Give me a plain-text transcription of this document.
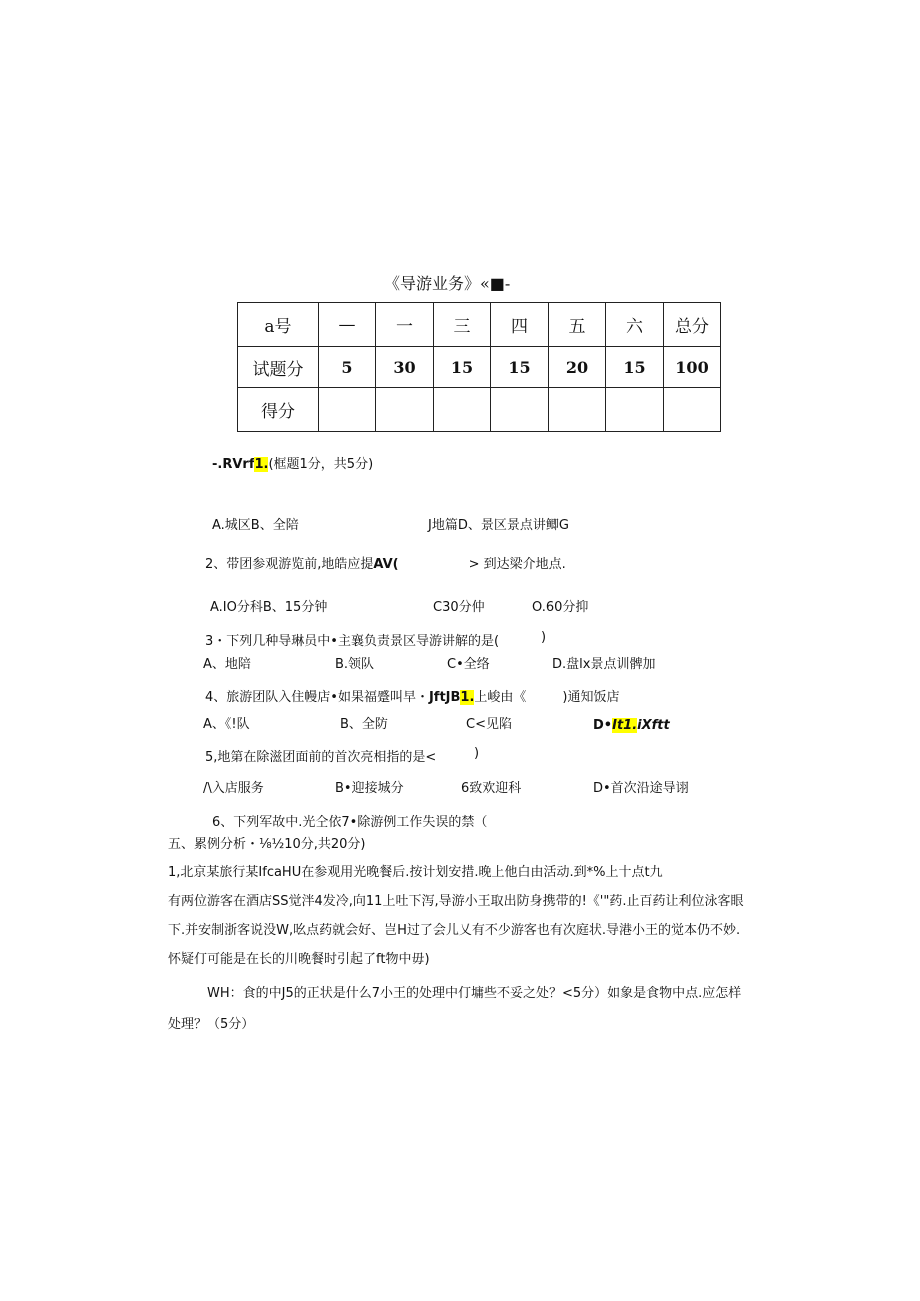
《导游业务》«■-
a号	—	一	三	四	五	六	总分
试题分	5	30	15	15	20	15	100
得分							
-.RVrf1.(框题1分，共5分)
A.城区B、全陪	J地篇D、景区景点讲鲫G
2、带团参观游览前,地皓应提AV(	> 到达梁介地点.
A.IO分科B、15分钟	C30分仲	O.60分抑
3・下列几种导琳员中•主襄负责景区导游讲解的是(	)
A、地陪	B.领队	C•全络	D.盘lx景点训髀加
4、旅游团队入住幔店•如果福蹙叫早・JftJB1.上峻由《	)通知饭店
A、《!队	B、全防	C<见陷	D•It1.iXftt
5,地第在除滋团面前的首次亮相指的是<	)
/\入店服务	B•迎接城分	6致欢迎科	D•首次沿途导诩
6、下列军故中.光仝依7•除游例工作失误的禁（
五、累例分析・⅛½10分,共20分)
1,北京某旅行某IfcaHU在参观用光晚餐后.按计划安措.晚上他白由活动.到*%上十点t九
有两位游客在酒店SS觉泮4发冷,向11上吐下泻,导游小王取出防身携带的!《'"药.止百药让利位泳客眼
下.并安制浙客说没W,吆点药就会好、岂H过了会儿乂有不少游客也有次庭状.导港小王的觉本仍不妙.
怀疑仃可能是在长的川晚餐时引起了ft物中毋)
WH：食的中J5的正状是什么7小王的处理中仃墉些不妥之处？<5分）如象是食物中点.应怎样
处理？（5分）
